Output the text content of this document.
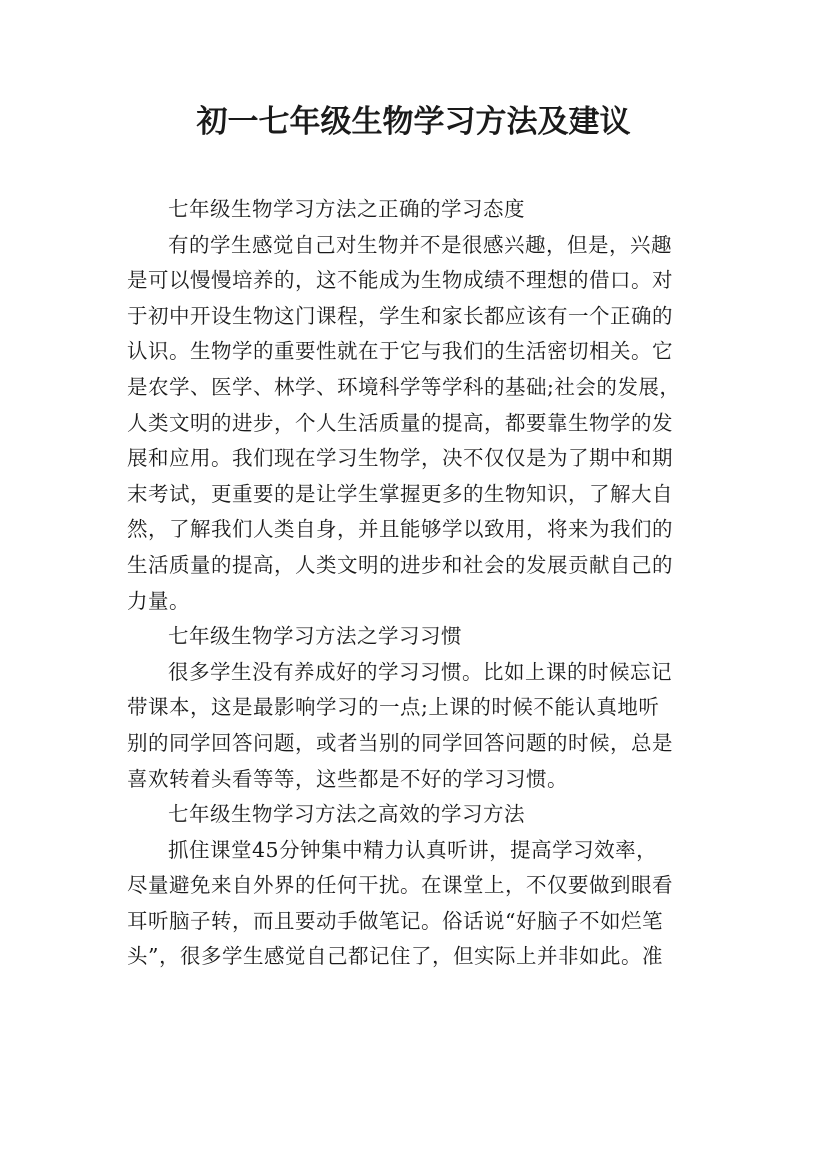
初一七年级生物学习方法及建议
七年级生物学习方法之正确的学习态度
有的学生感觉自己对生物并不是很感兴趣，但是，兴趣
是可以慢慢培养的，这不能成为生物成绩不理想的借口。对
于初中开设生物这门课程，学生和家长都应该有一个正确的
认识。生物学的重要性就在于它与我们的生活密切相关。它
是农学、医学、林学、环境科学等学科的基础;社会的发展，
人类文明的进步，个人生活质量的提高，都要靠生物学的发
展和应用。我们现在学习生物学，决不仅仅是为了期中和期
末考试，更重要的是让学生掌握更多的生物知识，了解大自
然，了解我们人类自身，并且能够学以致用，将来为我们的
生活质量的提高，人类文明的进步和社会的发展贡献自己的
力量。
七年级生物学习方法之学习习惯
很多学生没有养成好的学习习惯。比如上课的时候忘记
带课本，这是最影响学习的一点;上课的时候不能认真地听
别的同学回答问题，或者当别的同学回答问题的时候，总是
喜欢转着头看等等，这些都是不好的学习习惯。
七年级生物学习方法之高效的学习方法
抓住课堂45分钟集中精力认真听讲，提高学习效率，
尽量避免来自外界的任何干扰。在课堂上，不仅要做到眼看
耳听脑子转，而且要动手做笔记。俗话说“好脑子不如烂笔
头”，很多学生感觉自己都记住了，但实际上并非如此。准
